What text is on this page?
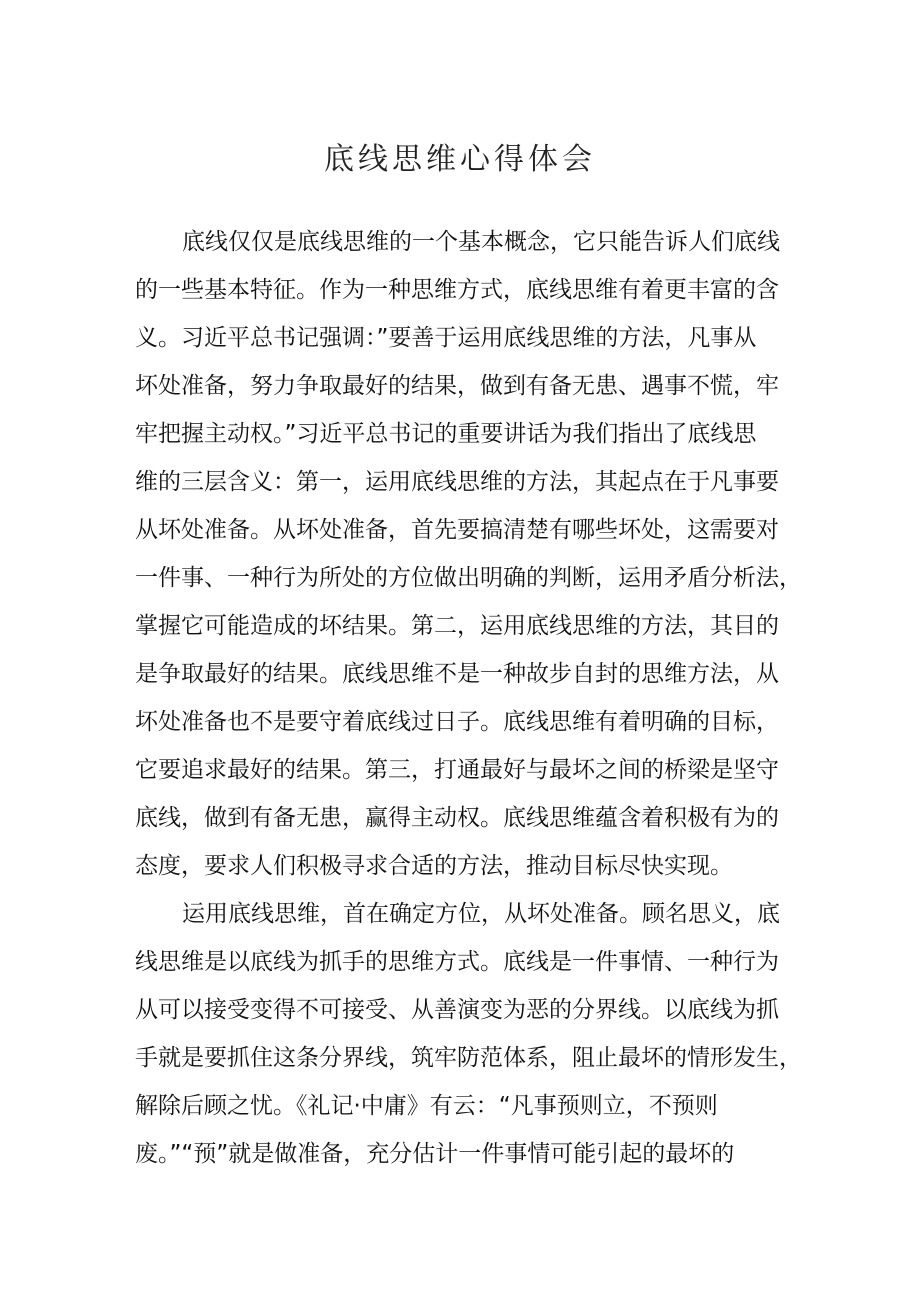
底线思维心得体会
底线仅仅是底线思维的一个基本概念，它只能告诉人们底线
的一些基本特征。作为一种思维方式，底线思维有着更丰富的含
义。习近平总书记强调：”要善于运用底线思维的方法，凡事从
坏处准备，努力争取最好的结果，做到有备无患、遇事不慌，牢
牢把握主动权。”习近平总书记的重要讲话为我们指出了底线思
维的三层含义：第一，运用底线思维的方法，其起点在于凡事要
从坏处准备。从坏处准备，首先要搞清楚有哪些坏处，这需要对
一件事、一种行为所处的方位做出明确的判断，运用矛盾分析法，
掌握它可能造成的坏结果。第二，运用底线思维的方法，其目的
是争取最好的结果。底线思维不是一种故步自封的思维方法，从
坏处准备也不是要守着底线过日子。底线思维有着明确的目标，
它要追求最好的结果。第三，打通最好与最坏之间的桥梁是坚守
底线，做到有备无患，赢得主动权。底线思维蕴含着积极有为的
态度，要求人们积极寻求合适的方法，推动目标尽快实现。
运用底线思维，首在确定方位，从坏处准备。顾名思义，底
线思维是以底线为抓手的思维方式。底线是一件事情、一种行为
从可以接受变得不可接受、从善演变为恶的分界线。以底线为抓
手就是要抓住这条分界线，筑牢防范体系，阻止最坏的情形发生，
解除后顾之忧。《礼记·中庸》有云：“凡事预则立，不预则
废。”“预”就是做准备，充分估计一件事情可能引起的最坏的
